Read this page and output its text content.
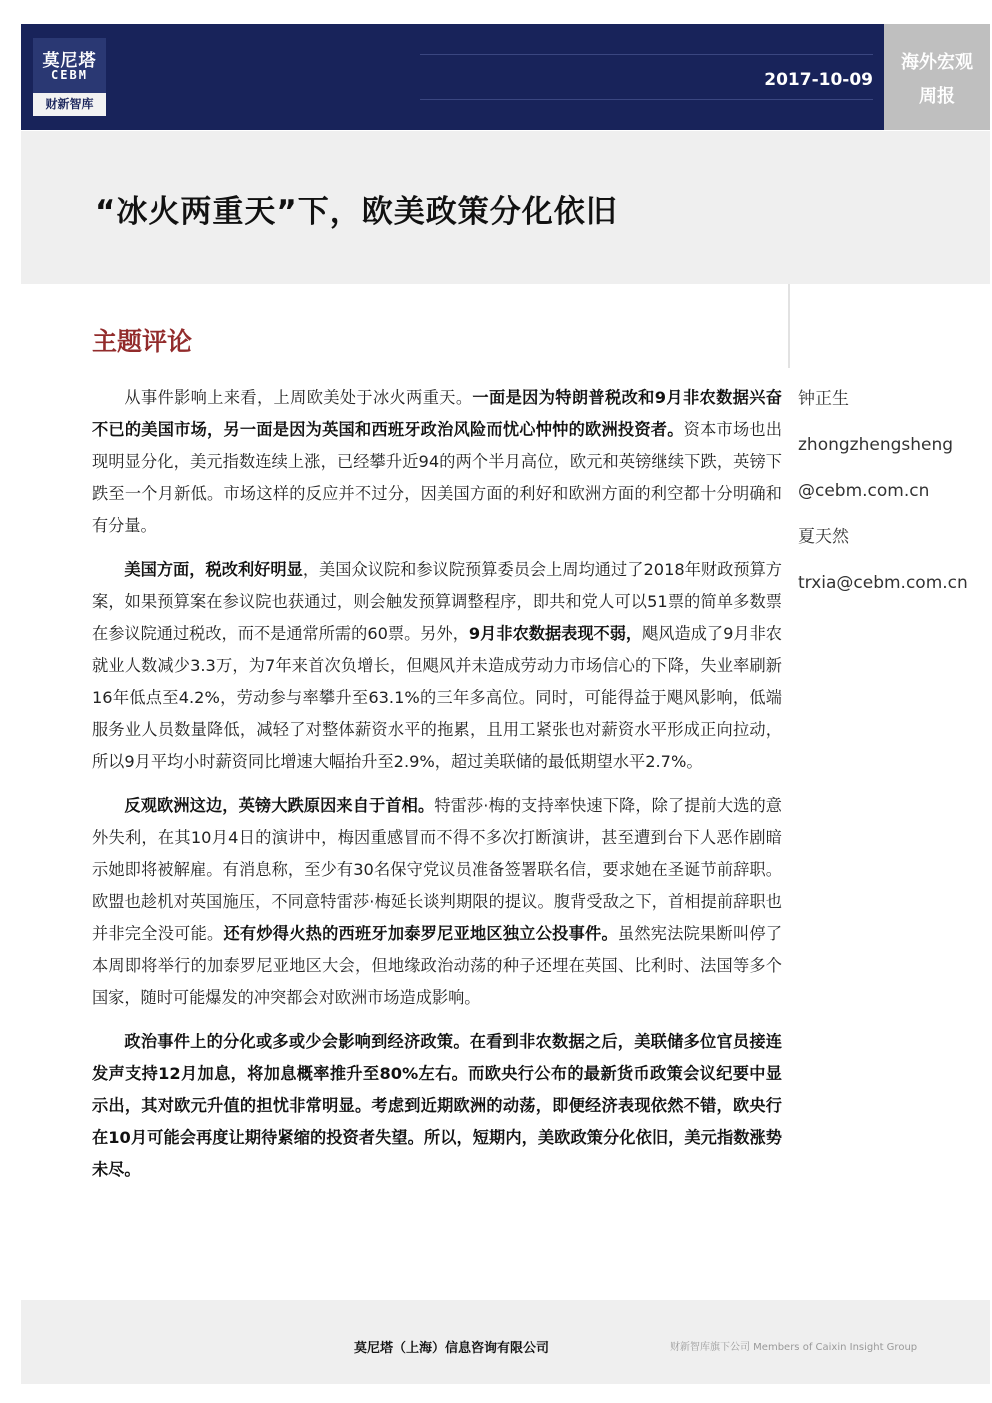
莫尼塔
CEBM
财新智库
2017-10-09
海外宏观
周报
“冰火两重天”下，欧美政策分化依旧
主题评论

从事件影响上来看，上周欧美处于冰火两重天。一面是因为特朗普税改和9月非农数据兴奋不已的美国市场，另一面是因为英国和西班牙政治风险而忧心忡忡的欧洲投资者。资本市场也出现明显分化，美元指数连续上涨，已经攀升近94的两个半月高位，欧元和英镑继续下跌，英镑下跌至一个月新低。市场这样的反应并不过分，因美国方面的利好和欧洲方面的利空都十分明确和有分量。

美国方面，税改利好明显，美国众议院和参议院预算委员会上周均通过了2018年财政预算方案，如果预算案在参议院也获通过，则会触发预算调整程序，即共和党人可以51票的简单多数票在参议院通过税改，而不是通常所需的60票。另外，9月非农数据表现不弱，飓风造成了9月非农就业人数减少3.3万，为7年来首次负增长，但飓风并未造成劳动力市场信心的下降，失业率刷新16年低点至4.2%，劳动参与率攀升至63.1%的三年多高位。同时，可能得益于飓风影响，低端服务业人员数量降低，减轻了对整体薪资水平的拖累，且用工紧张也对薪资水平形成正向拉动，所以9月平均小时薪资同比增速大幅抬升至2.9%，超过美联储的最低期望水平2.7%。

反观欧洲这边，英镑大跌原因来自于首相。特雷莎·梅的支持率快速下降，除了提前大选的意外失利，在其10月4日的演讲中，梅因重感冒而不得不多次打断演讲，甚至遭到台下人恶作剧暗示她即将被解雇。有消息称，至少有30名保守党议员准备签署联名信，要求她在圣诞节前辞职。欧盟也趁机对英国施压，不同意特雷莎·梅延长谈判期限的提议。腹背受敌之下，首相提前辞职也并非完全没可能。还有炒得火热的西班牙加泰罗尼亚地区独立公投事件。虽然宪法院果断叫停了本周即将举行的加泰罗尼亚地区大会，但地缘政治动荡的种子还埋在英国、比利时、法国等多个国家，随时可能爆发的冲突都会对欧洲市场造成影响。

政治事件上的分化或多或少会影响到经济政策。在看到非农数据之后，美联储多位官员接连发声支持12月加息，将加息概率推升至80%左右。而欧央行公布的最新货币政策会议纪要中显示出，其对欧元升值的担忧非常明显。考虑到近期欧洲的动荡，即便经济表现依然不错，欧央行在10月可能会再度让期待紧缩的投资者失望。所以，短期内，美欧政策分化依旧，美元指数涨势未尽。

钟正生
zhongzhengsheng
@cebm.com.cn
夏天然
trxia@cebm.com.cn
莫尼塔（上海）信息咨询有限公司	财新智库旗下公司 Members of Caixin Insight Group
